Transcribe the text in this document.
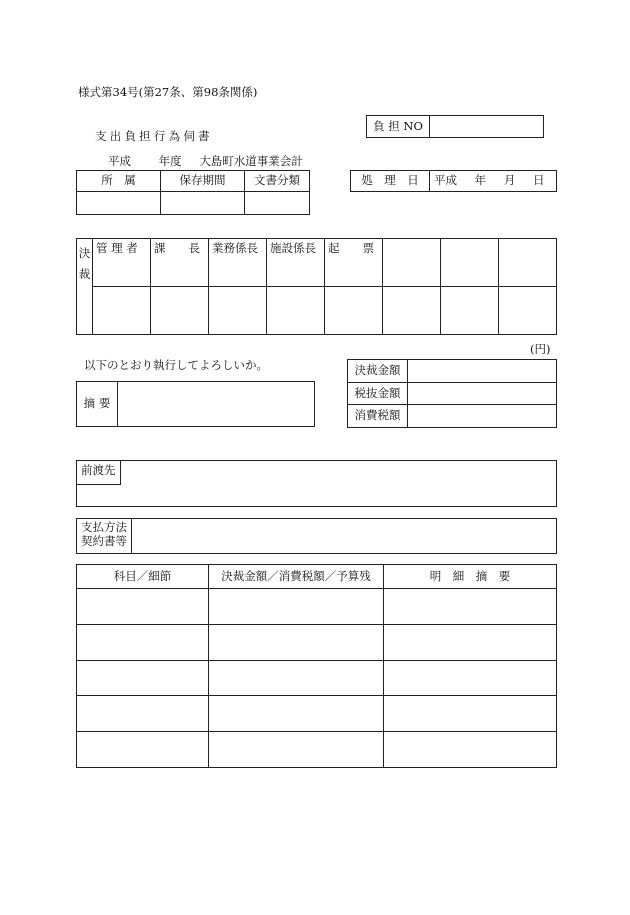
様式第34号(第27条、第98条関係)
支出負担行為伺書
平成 年度 大島町水道事業会計
負 担 NO	
所　属	保存期間	文書分類
			処　理　日	平成 年 月 日
決
裁	管 理 者	課　　長	業務係長	施設係長	起　　票			

(円)
以下のとおり執行してよろしいか。
摘 要	
決裁金額	
税抜金額	
消費税額	
前渡先
支払方法
契約書等
科目／細節	決裁金額／消費税額／予算残	明　細　摘　要
